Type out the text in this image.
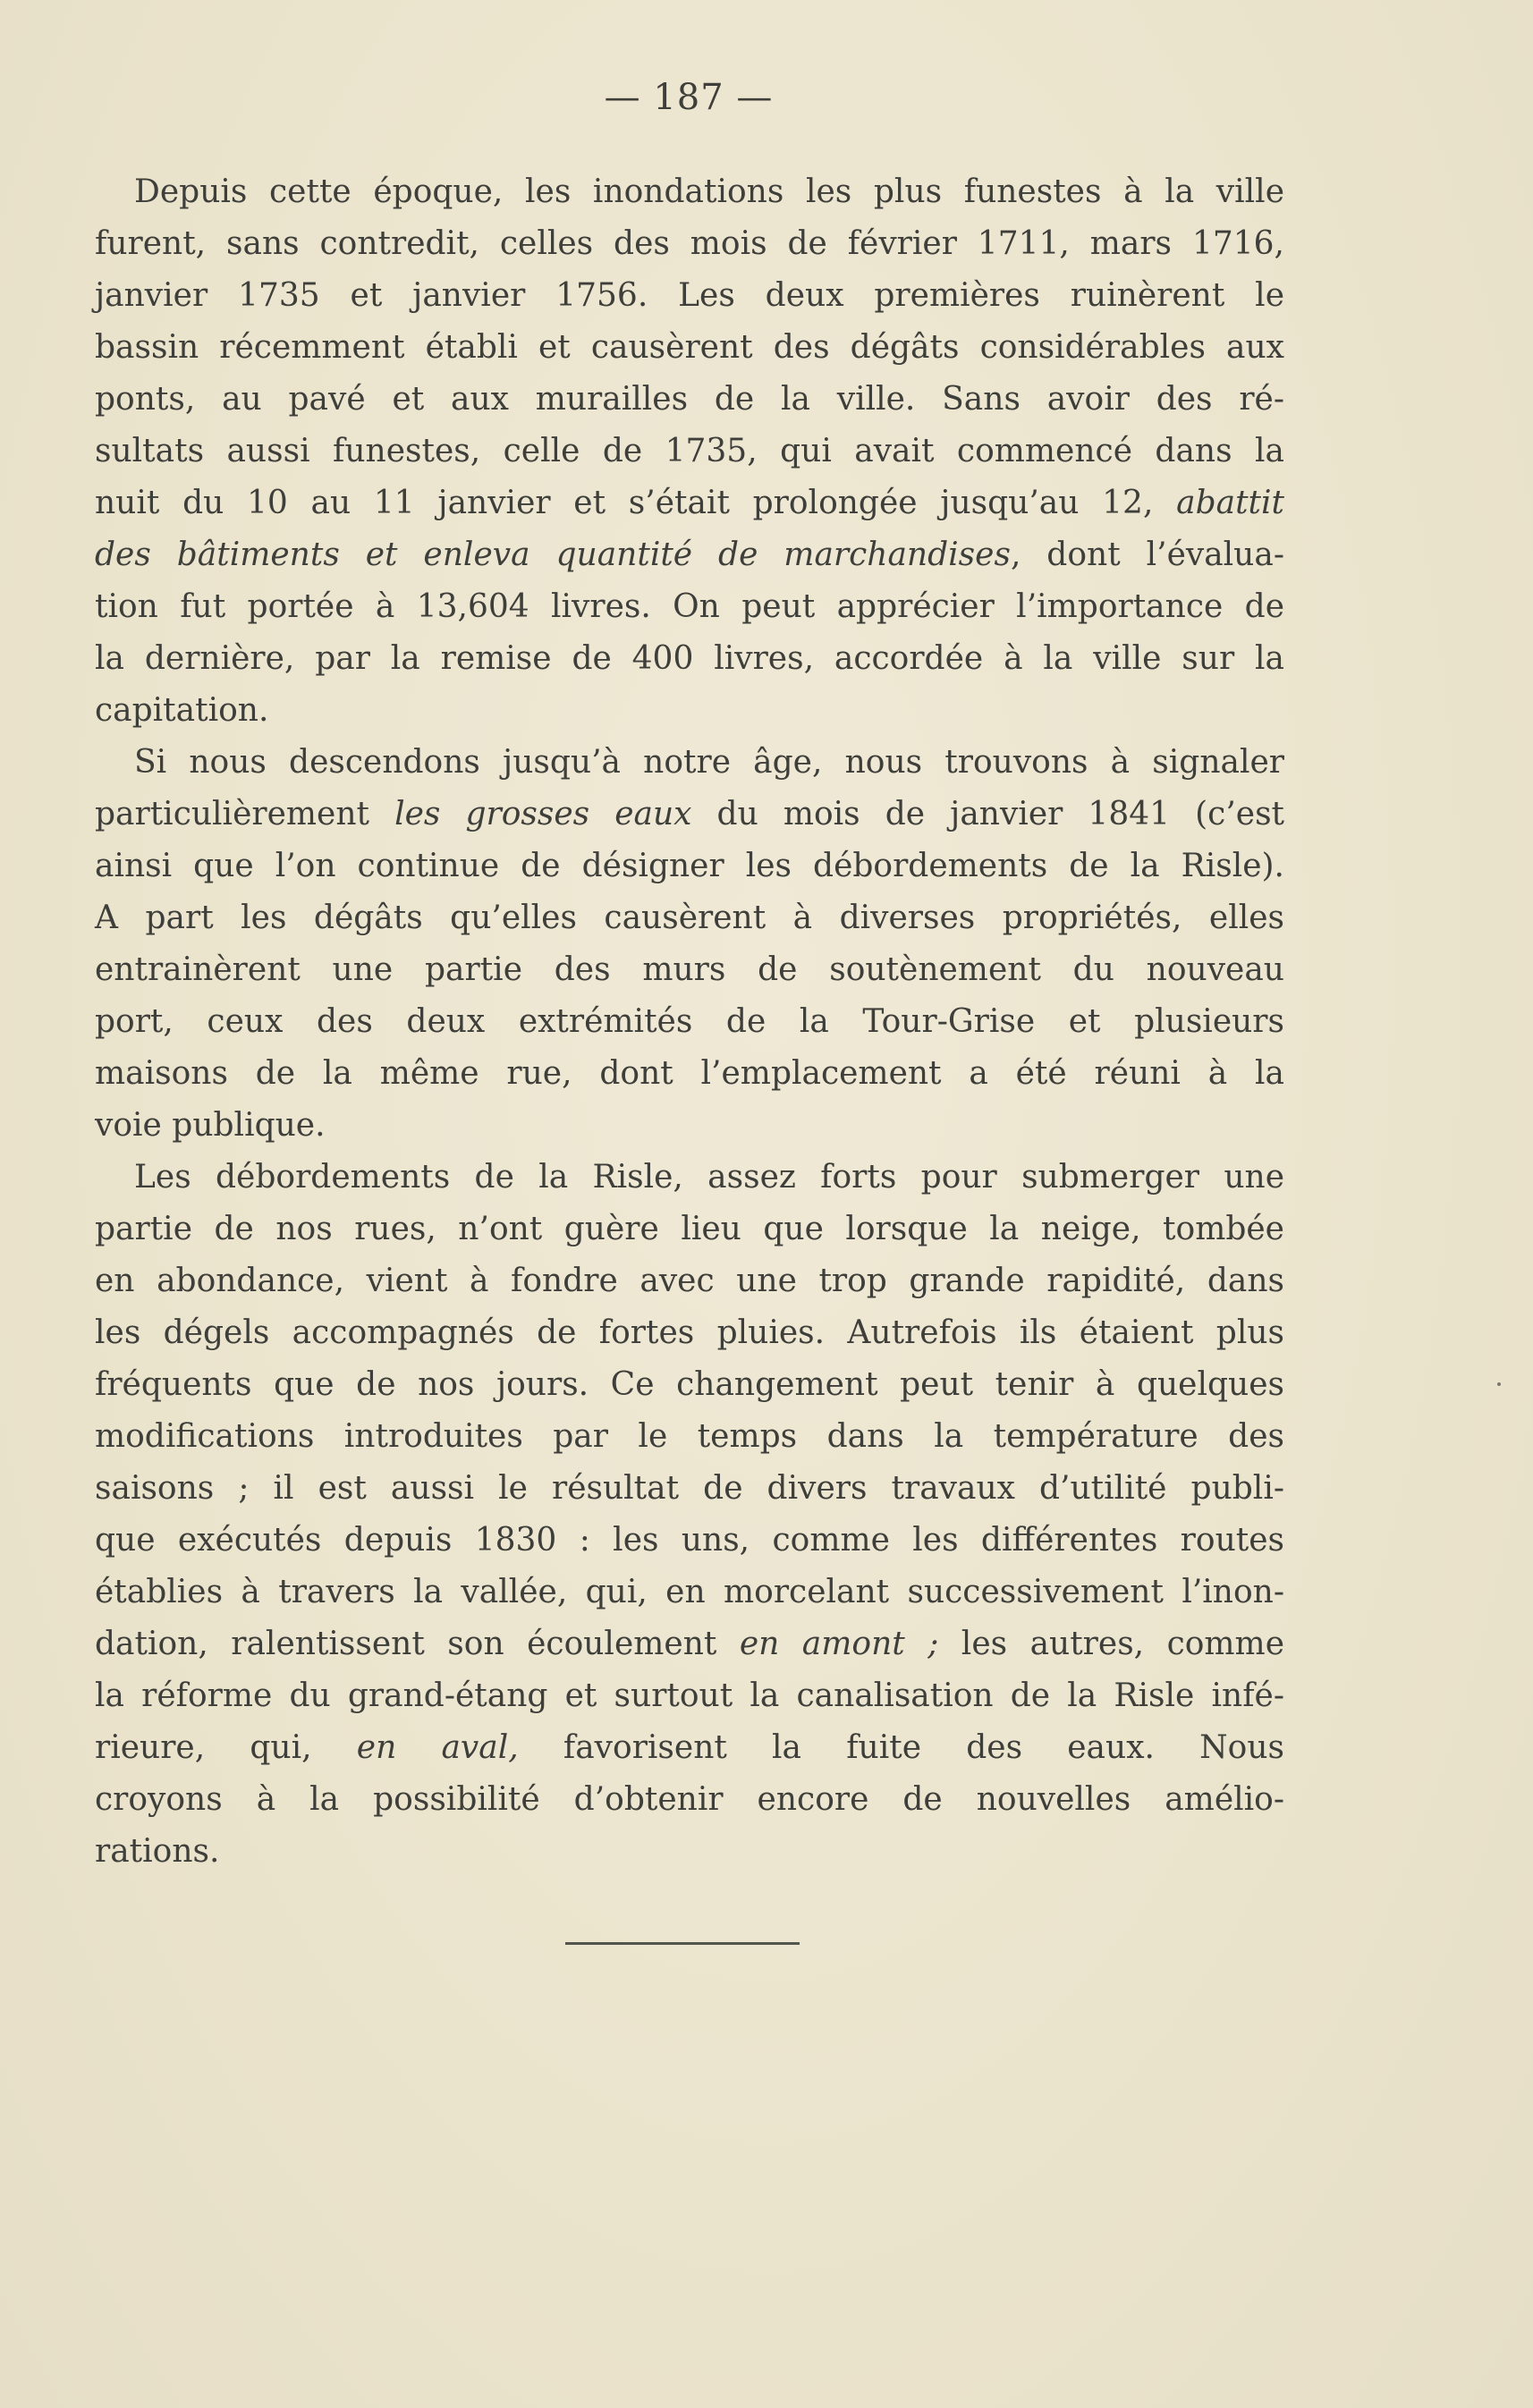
— 187 —
Depuis cette époque, les inondations les plus funestes à la ville
furent, sans contredit, celles des mois de février 1711, mars 1716,
janvier 1735 et janvier 1756. Les deux premières ruinèrent le
bassin récemment établi et causèrent des dégâts considérables aux
ponts, au pavé et aux murailles de la ville. Sans avoir des ré-
sultats aussi funestes, celle de 1735, qui avait commencé dans la
nuit du 10 au 11 janvier et s’était prolongée jusqu’au 12, abattit
des bâtiments et enleva quantité de marchandises, dont l’évalua-
tion fut portée à 13,604 livres. On peut apprécier l’importance de
la dernière, par la remise de 400 livres, accordée à la ville sur la
capitation.
Si nous descendons jusqu’à notre âge, nous trouvons à signaler
particulièrement les grosses eaux du mois de janvier 1841 (c’est
ainsi que l’on continue de désigner les débordements de la Risle).
A part les dégâts qu’elles causèrent à diverses propriétés, elles
entrainèrent une partie des murs de soutènement du nouveau
port, ceux des deux extrémités de la Tour-Grise et plusieurs
maisons de la même rue, dont l’emplacement a été réuni à la
voie publique.
Les débordements de la Risle, assez forts pour submerger une
partie de nos rues, n’ont guère lieu que lorsque la neige, tombée
en abondance, vient à fondre avec une trop grande rapidité, dans
les dégels accompagnés de fortes pluies. Autrefois ils étaient plus
fréquents que de nos jours. Ce changement peut tenir à quelques
modifications introduites par le temps dans la température des
saisons ; il est aussi le résultat de divers travaux d’utilité publi-
que exécutés depuis 1830 : les uns, comme les différentes routes
établies à travers la vallée, qui, en morcelant successivement l’inon-
dation, ralentissent son écoulement en amont ; les autres, comme
la réforme du grand-étang et surtout la canalisation de la Risle infé-
rieure, qui, en aval, favorisent la fuite des eaux. Nous
croyons à la possibilité d’obtenir encore de nouvelles amélio-
rations.
